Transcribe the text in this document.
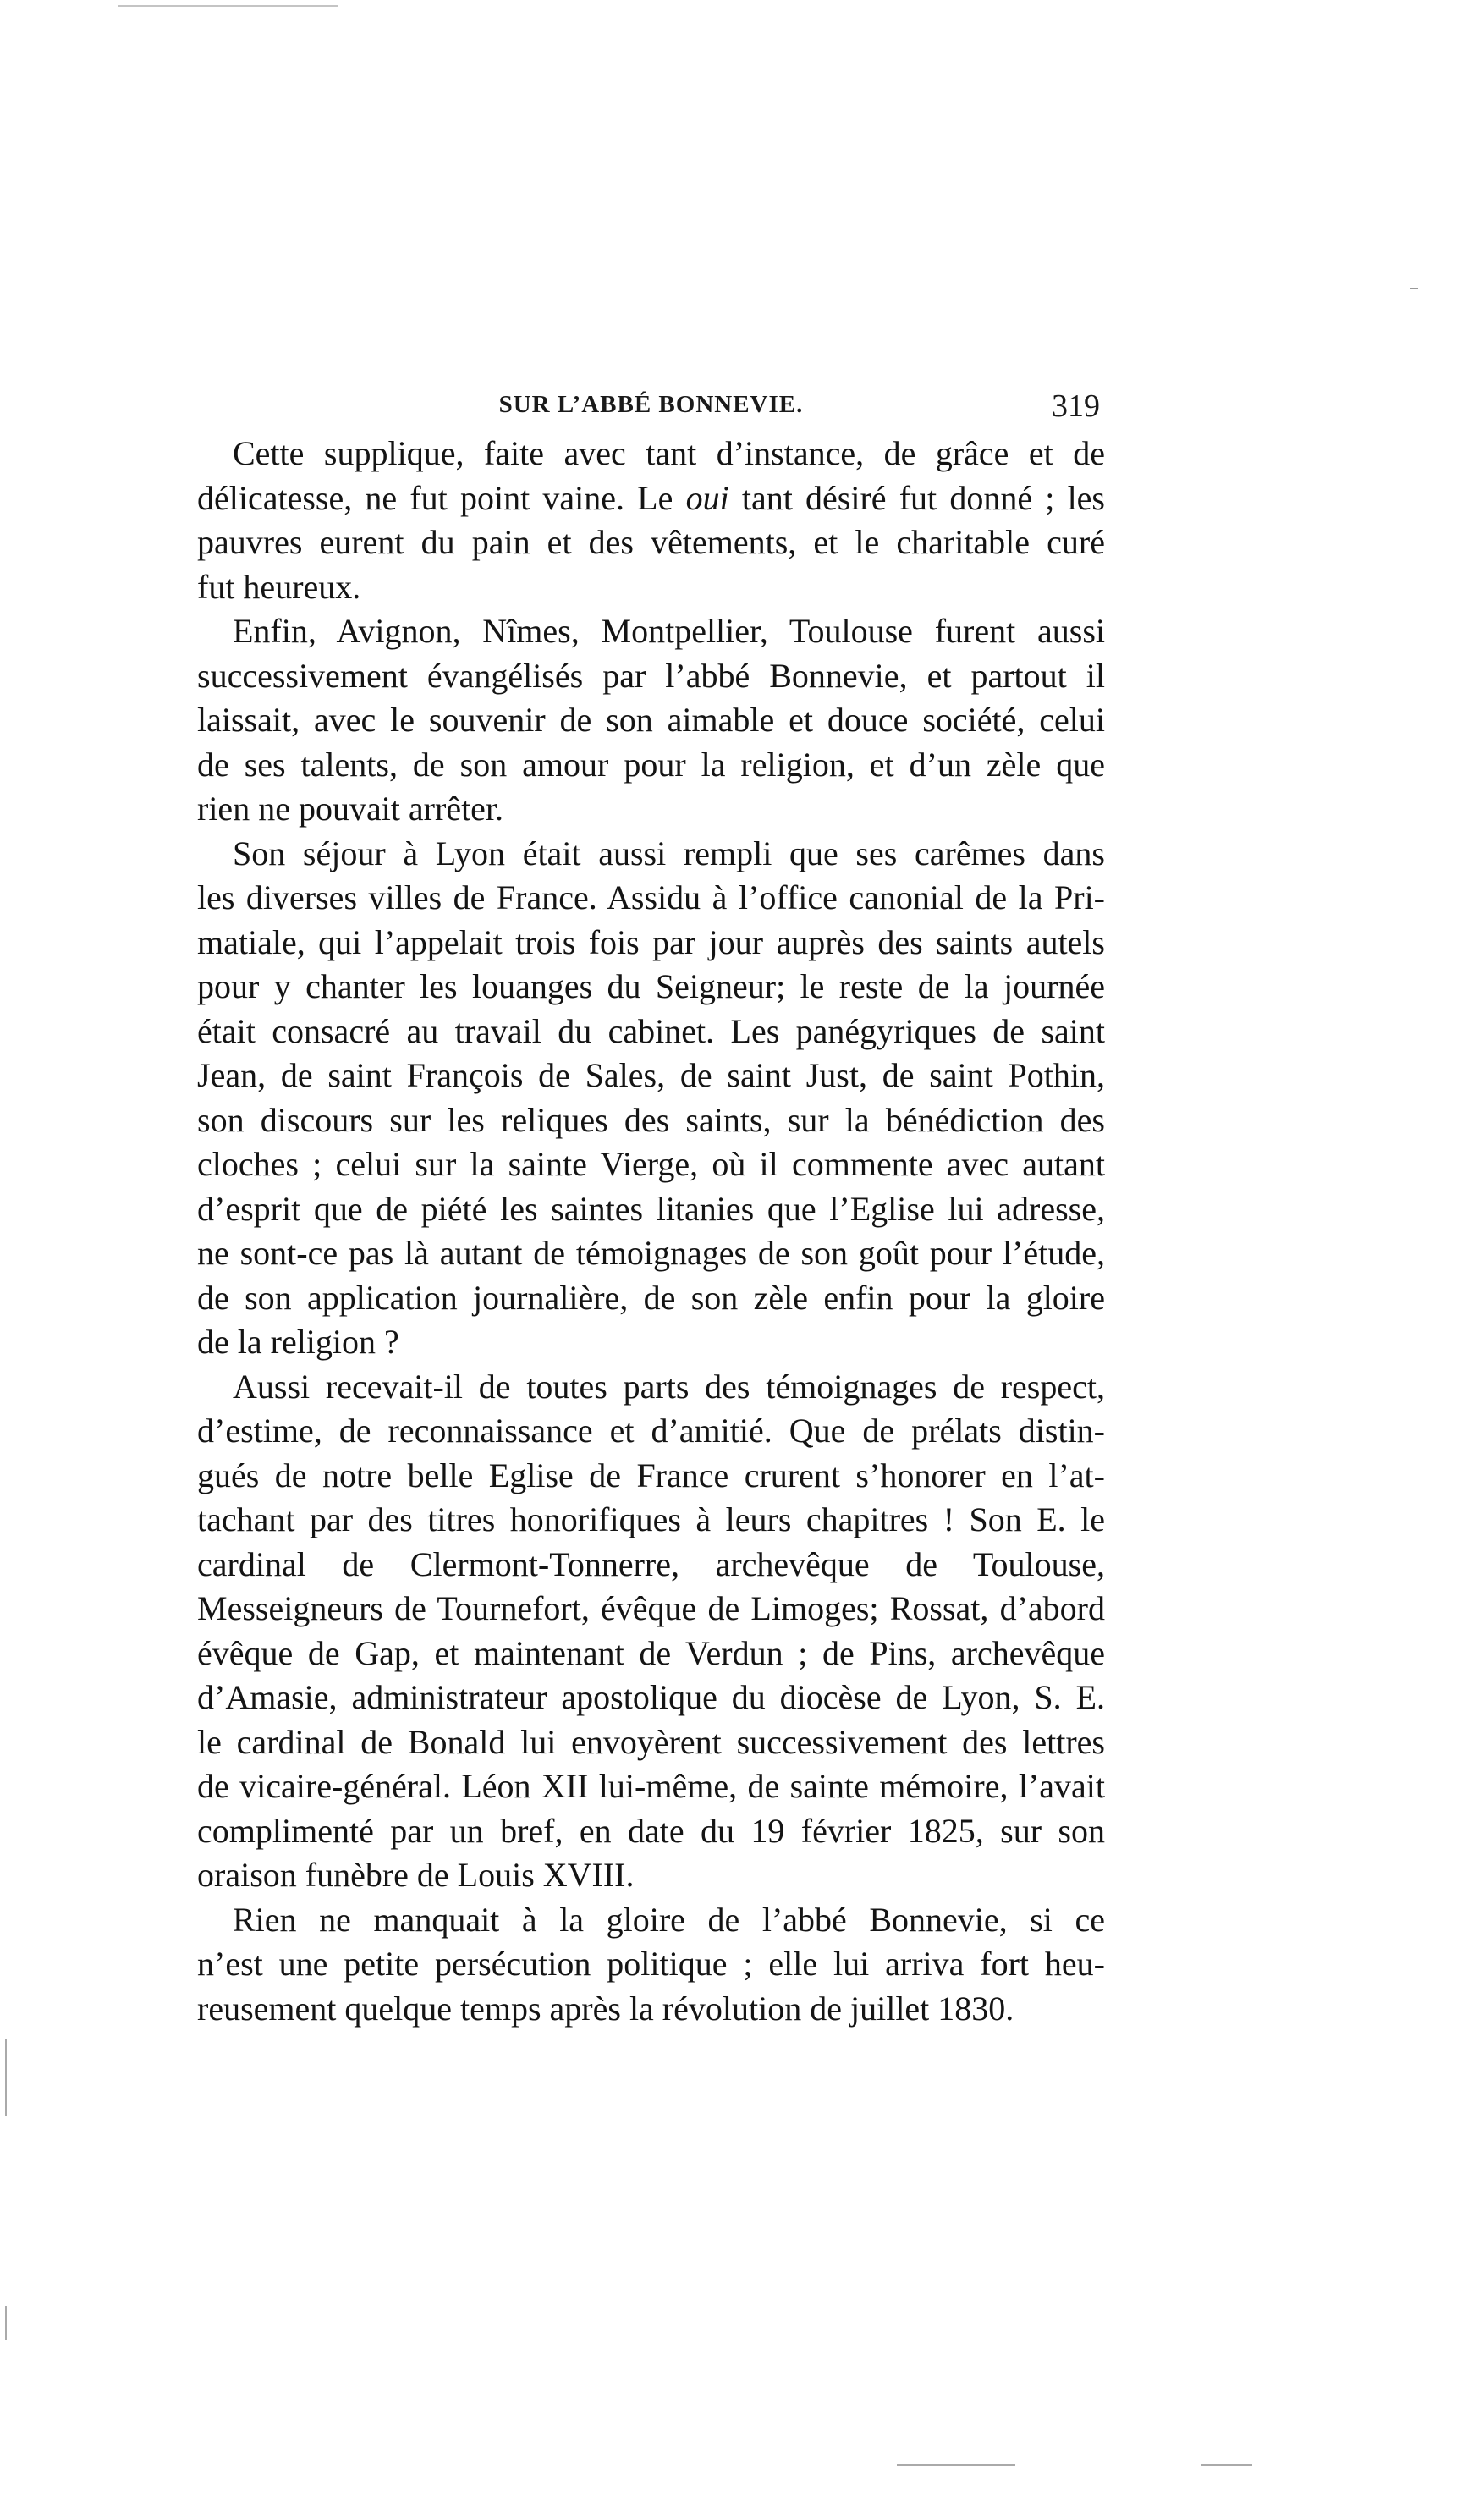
SUR L’ABBÉ BONNEVIE.	319
Cette supplique, faite avec tant d’instance, de grâce et de
délicatesse, ne fut point vaine. Le oui tant désiré fut donné ; les
pauvres eurent du pain et des vêtements, et le charitable curé
fut heureux.
Enfin, Avignon, Nîmes, Montpellier, Toulouse furent aussi
successivement évangélisés par l’abbé Bonnevie, et partout il
laissait, avec le souvenir de son aimable et douce société, celui
de ses talents, de son amour pour la religion, et d’un zèle que
rien ne pouvait arrêter.
Son séjour à Lyon était aussi rempli que ses carêmes dans
les diverses villes de France. Assidu à l’office canonial de la Pri-
matiale, qui l’appelait trois fois par jour auprès des saints autels
pour y chanter les louanges du Seigneur; le reste de la journée
était consacré au travail du cabinet. Les panégyriques de saint
Jean, de saint François de Sales, de saint Just, de saint Pothin,
son discours sur les reliques des saints, sur la bénédiction des
cloches ; celui sur la sainte Vierge, où il commente avec autant
d’esprit que de piété les saintes litanies que l’Eglise lui adresse,
ne sont-ce pas là autant de témoignages de son goût pour l’étude,
de son application journalière, de son zèle enfin pour la gloire
de la religion ?
Aussi recevait-il de toutes parts des témoignages de respect,
d’estime, de reconnaissance et d’amitié. Que de prélats distin-
gués de notre belle Eglise de France crurent s’honorer en l’at-
tachant par des titres honorifiques à leurs chapitres ! Son E. le
cardinal de Clermont-Tonnerre, archevêque de Toulouse,
Messeigneurs de Tournefort, évêque de Limoges; Rossat, d’abord
évêque de Gap, et maintenant de Verdun ; de Pins, archevêque
d’Amasie, administrateur apostolique du diocèse de Lyon, S. E.
le cardinal de Bonald lui envoyèrent successivement des lettres
de vicaire-général. Léon XII lui-même, de sainte mémoire, l’avait
complimenté par un bref, en date du 19 février 1825, sur son
oraison funèbre de Louis XVIII.
Rien ne manquait à la gloire de l’abbé Bonnevie, si ce
n’est une petite persécution politique ; elle lui arriva fort heu-
reusement quelque temps après la révolution de juillet 1830.
